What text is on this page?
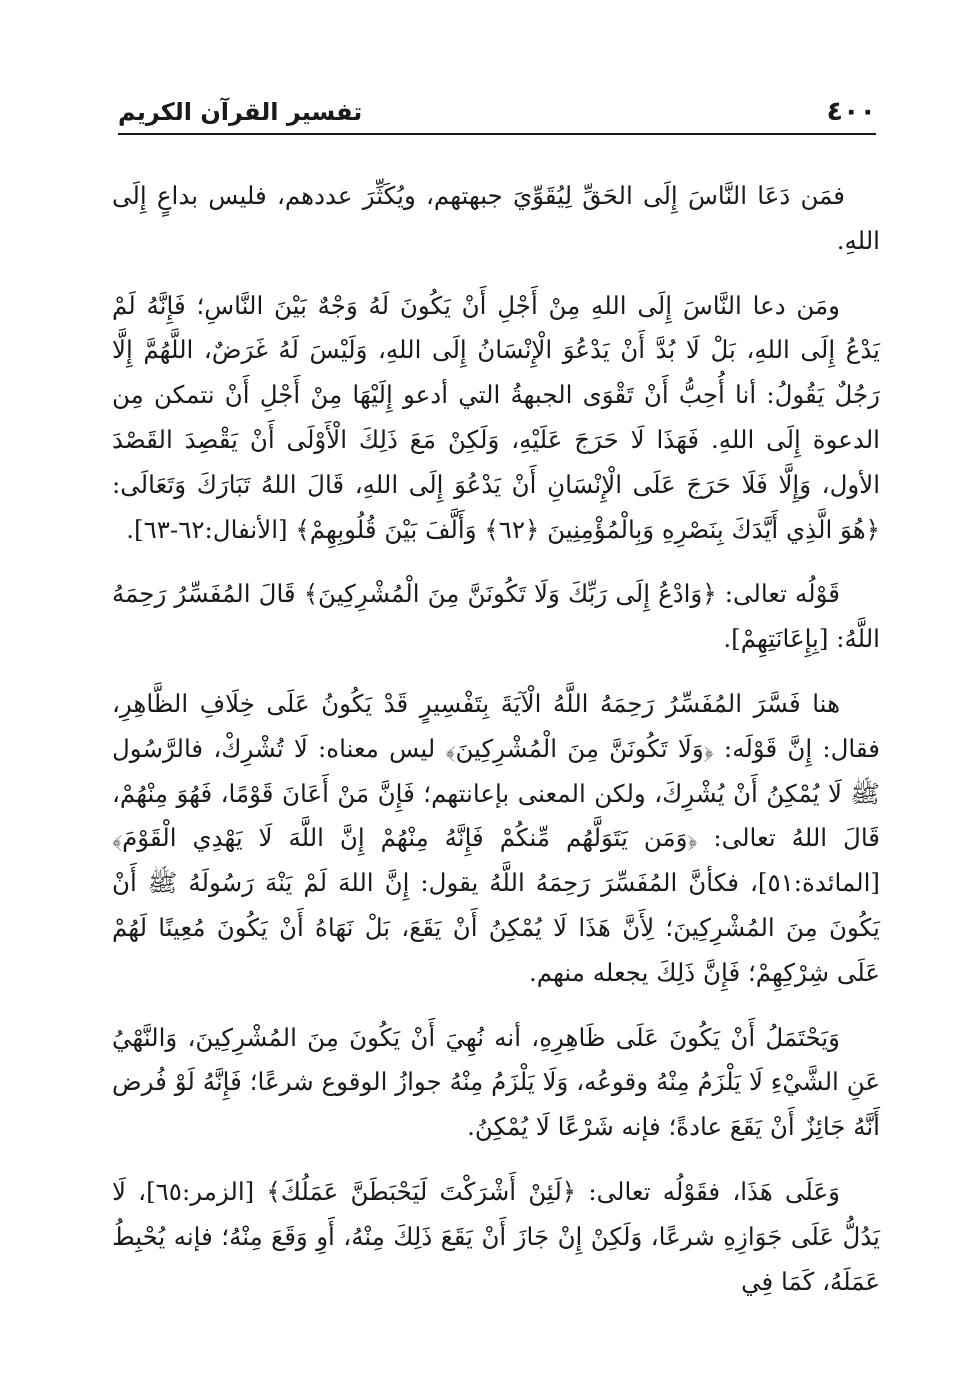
٤٠٠
تفسير القرآن الكريم

فمَن دَعَا النَّاسَ إِلَى الحَقِّ لِيُقَوِّيَ جبهتهم، ويُكَثِّرَ عددهم، فليس بداعٍ إِلَى اللهِ.

ومَن دعا النَّاسَ إِلَى اللهِ مِنْ أَجْلِ أَنْ يَكُونَ لَهُ وَجْهٌ بَيْنَ النَّاسِ؛ فَإِنَّهُ لَمْ يَدْعُ إِلَى اللهِ، بَلْ لَا بُدَّ أَنْ يَدْعُوَ الْإِنْسَانُ إِلَى اللهِ، وَلَيْسَ لَهُ غَرَضٌ، اللَّهُمَّ إِلَّا رَجُلٌ يَقُولُ: أنا أُحِبُّ أَنْ تَقْوَى الجبهةُ التي أدعو إِلَيْهَا مِنْ أَجْلِ أَنْ نتمكن مِن الدعوة إِلَى اللهِ. فَهَذَا لَا حَرَجَ عَلَيْهِ، وَلَكِنْ مَعَ ذَلِكَ الْأَوْلَى أَنْ يَقْصِدَ القَصْدَ الأول، وَإِلَّا فَلَا حَرَجَ عَلَى الْإِنْسَانِ أَنْ يَدْعُوَ إِلَى اللهِ، قَالَ اللهُ تَبَارَكَ وَتَعَالَى: ﴿هُوَ الَّذِي أَيَّدَكَ بِنَصْرِهِ وَبِالْمُؤْمِنِينَ ﴿٦٢﴾ وَأَلَّفَ بَيْنَ قُلُوبِهِمْ﴾ [الأنفال:٦٢-٦٣].

قَوْلُه تعالى: ﴿وَادْعُ إِلَى رَبِّكَ وَلَا تَكُونَنَّ مِنَ الْمُشْرِكِينَ﴾ قَالَ المُفَسِّرُ رَحِمَهُ اللَّهُ: [بِإِعَانَتِهِمْ].

هنا فَسَّرَ المُفَسِّرُ رَحِمَهُ اللَّهُ الْآيَةَ بِتَفْسِيرٍ قَدْ يَكُونُ عَلَى خِلَافِ الظَّاهِرِ، فقال: إِنَّ قَوْلَه: ﴿وَلَا تَكُونَنَّ مِنَ الْمُشْرِكِينَ﴾ ليس معناه: لَا تُشْرِكْ، فالرَّسُول ﷺ لَا يُمْكِنُ أَنْ يُشْرِكَ، ولكن المعنى بإعانتهم؛ فَإِنَّ مَنْ أَعَانَ قَوْمًا، فَهُوَ مِنْهُمْ، قَالَ اللهُ تعالى: ﴿وَمَن يَتَوَلَّهُم مِّنكُمْ فَإِنَّهُ مِنْهُمْ إِنَّ اللَّهَ لَا يَهْدِي الْقَوْمَ﴾ [المائدة:٥١]، فكأنَّ المُفَسِّرَ رَحِمَهُ اللَّهُ يقول: إِنَّ اللهَ لَمْ يَنْهَ رَسُولَهُ ﷺ أَنْ يَكُونَ مِنَ المُشْرِكِينَ؛ لِأَنَّ هَذَا لَا يُمْكِنُ أَنْ يَقَعَ، بَلْ نَهَاهُ أَنْ يَكُونَ مُعِينًا لَهُمْ عَلَى شِرْكِهِمْ؛ فَإِنَّ ذَلِكَ يجعله منهم.

وَيَحْتَمَلُ أَنْ يَكُونَ عَلَى ظَاهِرِهِ، أنه نُهِيَ أَنْ يَكُونَ مِنَ المُشْرِكِينَ، وَالنَّهْيُ عَنِ الشَّيْءِ لَا يَلْزَمُ مِنْهُ وقوعُه، وَلَا يَلْزَمُ مِنْهُ جوازُ الوقوع شرعًا؛ فَإِنَّهُ لَوْ فُرض أَنَّهُ جَائِزٌ أَنْ يَقَعَ عادةً؛ فإنه شَرْعًا لَا يُمْكِنُ.

وَعَلَى هَذَا، فقَوْلُه تعالى: ﴿لَئِنْ أَشْرَكْتَ لَيَحْبَطَنَّ عَمَلُكَ﴾ [الزمر:٦٥]، لَا يَدُلُّ عَلَى جَوَازِهِ شرعًا، وَلَكِنْ إِنْ جَازَ أَنْ يَقَعَ ذَلِكَ مِنْهُ، أَوِ وَقَعَ مِنْهُ؛ فإنه يُحْبِطُ عَمَلَهُ، كَمَا فِي
